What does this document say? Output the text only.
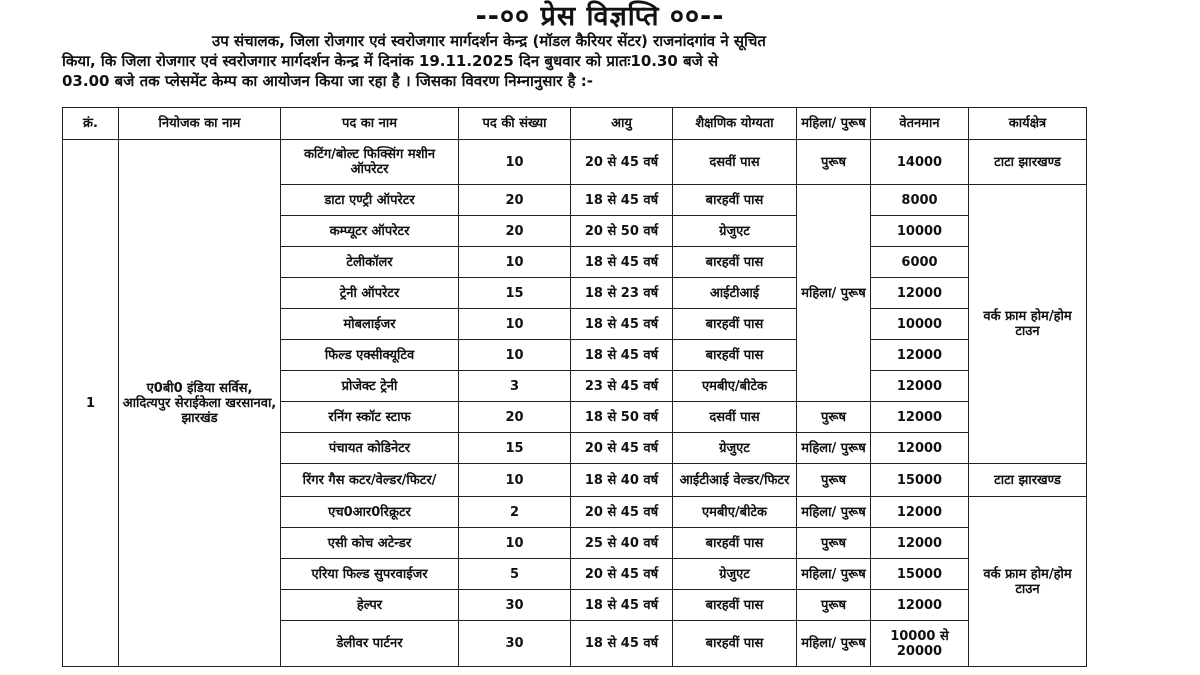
--०० प्रेस विज्ञप्ति ००--

उप संचालक, जिला रोजगार एवं स्वरोजगार मार्गदर्शन केन्द्र (मॉडल कैरियर सेंटर) राजनांदगांव ने सूचित

किया, कि जिला रोजगार एवं स्वरोजगार मार्गदर्शन केन्द्र में दिनांक 19.11.2025 दिन बुधवार को प्रातः10.30 बजे से

03.00 बजे तक प्लेसमेंट केम्प का आयोजन किया जा रहा है । जिसका विवरण निम्नानुसार है :-

क्रं.	नियोजक का नाम	पद का नाम	पद की संख्या	आयु	शैक्षणिक योग्यता	महिला/ पुरूष	वेतनमान	कार्यक्षेत्र
1	ए0बी0 इंडिया सर्विस, आदित्यपुर सेराईकेला खरसानवा, झारखंड	कटिंग/बोल्ट फिक्सिंग मशीन ऑपरेटर	10	20 से 45 वर्ष	दसवीं पास	पुरूष	14000	टाटा झारखण्ड
		डाटा एण्ट्री ऑपरेटर	20	18 से 45 वर्ष	बारहवीं पास	महिला/ पुरूष	8000	वर्क फ्राम होम/होम टाउन
		कम्प्यूटर ऑपरेटर	20	20 से 50 वर्ष	ग्रेजुएट		10000	
		टेलीकॉलर	10	18 से 45 वर्ष	बारहवीं पास		6000	
		ट्रेनी ऑपरेटर	15	18 से 23 वर्ष	आईटीआई		12000	
		मोबलाईजर	10	18 से 45 वर्ष	बारहवीं पास		10000	
		फिल्ड एक्सीक्यूटिव	10	18 से 45 वर्ष	बारहवीं पास		12000	
		प्रोजेक्ट ट्रेनी	3	23 से 45 वर्ष	एमबीए/बीटेक		12000	
		रनिंग स्कॉट स्टाफ	20	18 से 50 वर्ष	दसवीं पास	पुरूष	12000	
		पंचायत कोडिनेटर	15	20 से 45 वर्ष	ग्रेजुएट	महिला/ पुरूष	12000	
		रिंगर गैस कटर/वेल्डर/फिटर/	10	18 से 40 वर्ष	आईटीआई वेल्डर/फिटर	पुरूष	15000	टाटा झारखण्ड
		एच0आर0रिक्रूटर	2	20 से 45 वर्ष	एमबीए/बीटेक	महिला/ पुरूष	12000	वर्क फ्राम होम/होम टाउन
		एसी कोच अटेन्डर	10	25 से 40 वर्ष	बारहवीं पास	पुरूष	12000	
		एरिया फिल्ड सुपरवाईजर	5	20 से 45 वर्ष	ग्रेजुएट	महिला/ पुरूष	15000	
		हेल्पर	30	18 से 45 वर्ष	बारहवीं पास	पुरूष	12000	
		डेलीवर पार्टनर	30	18 से 45 वर्ष	बारहवीं पास	महिला/ पुरूष	10000 से 20000	
